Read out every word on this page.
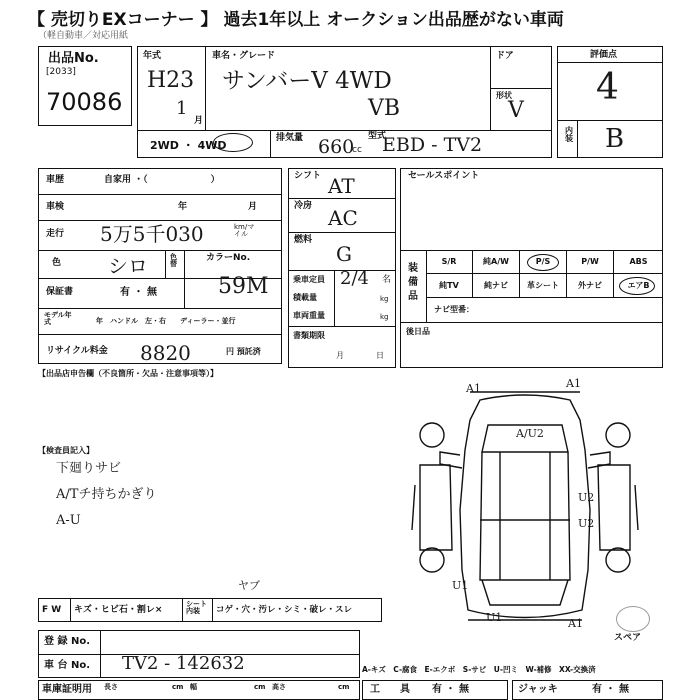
【 売切りEXコーナー 】 過去1年以上 オークション出品歴がない車両
（軽自動車／対応用紙
出品No.
[2033]
70086
年式
H23
1
月
車名・グレード
サンバーV 4WD
VB
ドア
形状
V
2WD ・ 4WD
排気量 660
cc
型式
EBD - TV2
評価点
4
内装 B
車歴	自家用 ・（　　　　　　　）
車検	年	月
走行 5万5千030	km/マイル
色 シロ	色替
カラーNo.
59M
保証書	有 ・ 無
モデル年式	年　ハンドル　左・右　　ディーラー・並行
リサイクル料金 8820	円 預託済
シフト AT
冷房 AC
燃料
G
乗車定員 2/4 名
積載量	kg
車両重量	kg
書類期限
月	日
セールスポイント
装備品
S/R	純A/W	P/S	P/W	ABS
純TV	純ナビ	革シート	外ナビ	エアB
ナビ型番：
後日品
【出品店申告欄（不良箇所・欠品・注意事項等）】
【検査員記入】
下廻りサビ
A/Tチ持ちかぎり
A-U
A1	A1
A/U2
U2
U2
U1
U1	A1
スペア
F W キズ・ヒビ石・割レ×
シート内装	コゲ・穴・汚レ・シミ・破レ・スレ
ヤブ
登 録 No.
車 台 No. TV2 - 142632
車庫証明用 長さ	cm 幅	cm 高さ	cm
A-キズ　C-腐食　E-エクボ　S-サビ　U-凹ミ　W-補修　XX-交換済
工　　具 有 ・ 無	ジャッキ	有 ・ 無
